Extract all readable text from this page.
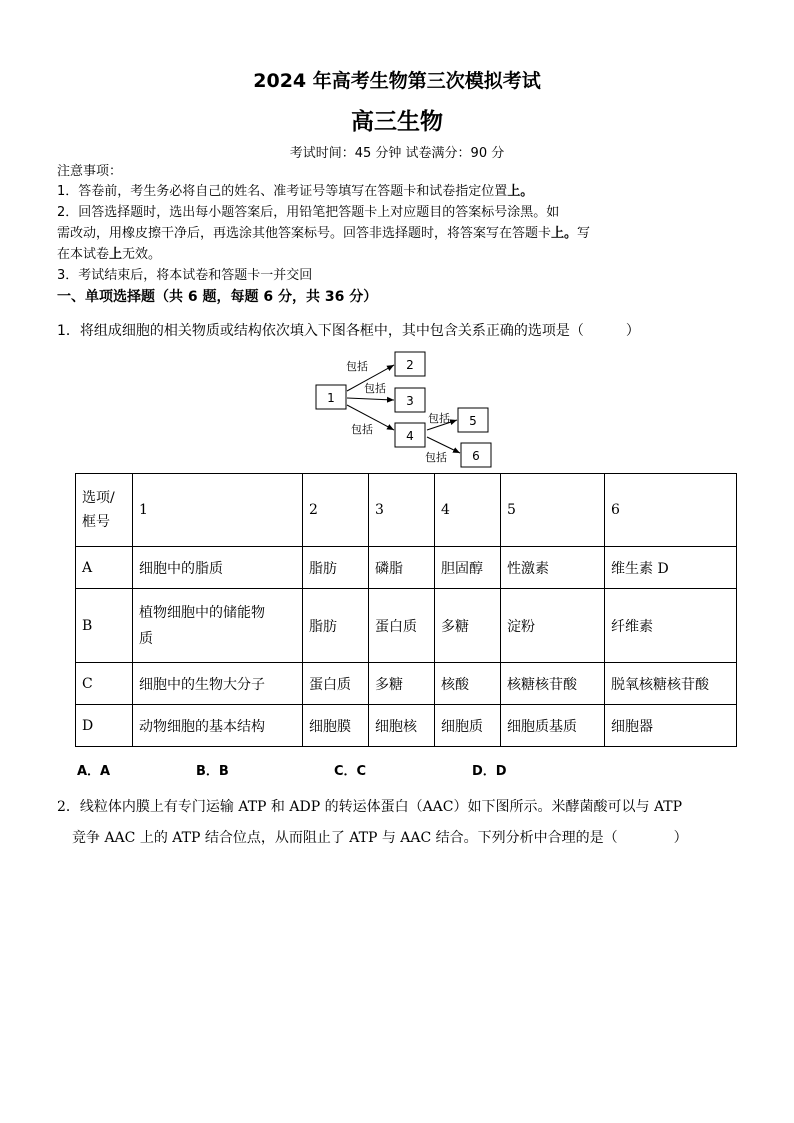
2024 年高考生物第三次模拟考试
高三生物
考试时间：45 分钟 试卷满分：90 分
注意事项：
1．答卷前，考生务必将自己的姓名、准考证号等填写在答题卡和试卷指定位置上。
2．回答选择题时，选出每小题答案后，用铅笔把答题卡上对应题目的答案标号涂黑。如
需改动，用橡皮擦干净后，再选涂其他答案标号。回答非选择题时，将答案写在答题卡上。写
在本试卷上无效。
3．考试结束后，将本试卷和答题卡一并交回
一、单项选择题（共 6 题，每题 6 分，共 36 分）
1．将组成细胞的相关物质或结构依次填入下图各框中，其中包含关系正确的选项是（　　　）
1
2
3
4
5
6
包括
包括
包括
包括
包括
选项/
框号	1	2	3	4	5	6
A	细胞中的脂质	脂肪	磷脂	胆固醇	性激素	维生素 D
B	植物细胞中的储能物
质	脂肪	蛋白质	多糖	淀粉	纤维素
C	细胞中的生物大分子	蛋白质	多糖	核酸	核糖核苷酸	脱氧核糖核苷酸
D	动物细胞的基本结构	细胞膜	细胞核	细胞质	细胞质基质	细胞器
A．A	B．B	C．C	D．D
2．线粒体内膜上有专门运输 ATP 和 ADP 的转运体蛋白（AAC）如下图所示。米酵菌酸可以与 ATP
竞争 AAC 上的 ATP 结合位点，从而阻止了 ATP 与 AAC 结合。下列分析中合理的是（　　　　）
